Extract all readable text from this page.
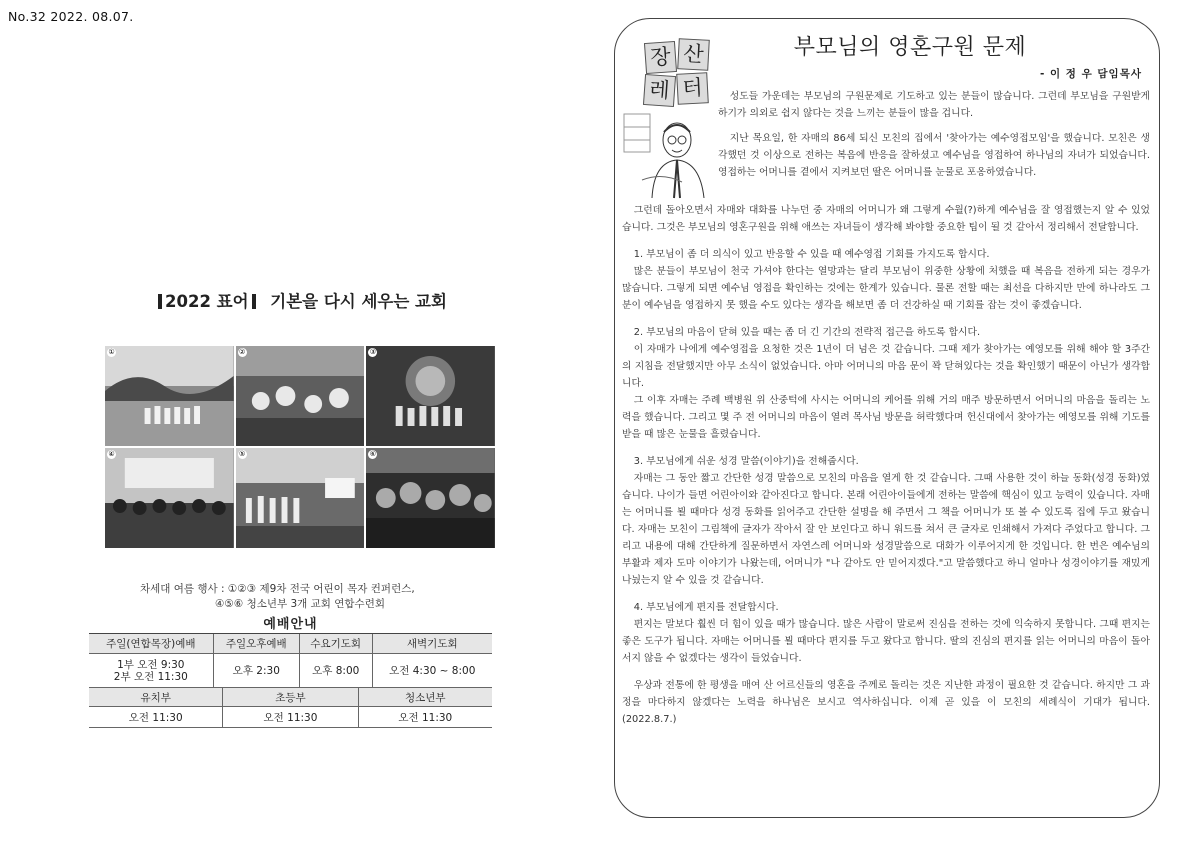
No.32 2022. 08.07.
2022 표어 기본을 다시 세우는 교회
①	②	③
④	⑤	⑥
차세대 여름 행사 : ①②③ 제9차 전국 어린이 목자 컨퍼런스,
④⑤⑥ 청소년부 3개 교회 연합수련회
예배안내
주일(연합목장)예배	주일오후예배	수요기도회	새벽기도회

1부 오전 9:30
2부 오전 11:30	오후 2:30	오후 8:00	오전 4:30 ~ 8:00
유치부	초등부	청소년부
오전 11:30	오전 11:30	오전 11:30
장 산
레 터
부모님의 영혼구원 문제
- 이 정 우 담임목사

성도들 가운데는 부모님의 구원문제로 기도하고 있는 분들이 많습니다. 그런데 부모님을 구원받게 하기가 의외로 쉽지 않다는 것을 느끼는 분들이 많을 겁니다.

지난 목요일, 한 자매의 86세 되신 모친의 집에서 '찾아가는 예수영접모임'을 했습니다. 모친은 생각했던 것 이상으로 전하는 복음에 반응을 잘하셨고 예수님을 영접하여 하나님의 자녀가 되었습니다. 영접하는 어머니를 곁에서 지켜보던 딸은 어머니를 눈물로 포옹하였습니다.

그런데 돌아오면서 자매와 대화를 나누던 중 자매의 어머니가 왜 그렇게 수월(?)하게 예수님을 잘 영접했는지 알 수 있었습니다. 그것은 부모님의 영혼구원을 위해 애쓰는 자녀들이 생각해 봐야할 중요한 팁이 될 것 같아서 정리해서 전달합니다.

1. 부모님이 좀 더 의식이 있고 반응할 수 있을 때 예수영접 기회를 가지도록 합시다.

많은 분들이 부모님이 천국 가셔야 한다는 열망과는 달리 부모님이 위중한 상황에 처했을 때 복음을 전하게 되는 경우가 많습니다. 그렇게 되면 예수님 영접을 확인하는 것에는 한계가 있습니다. 물론 전할 때는 최선을 다하지만 만에 하나라도 그분이 예수님을 영접하지 못 했을 수도 있다는 생각을 해보면 좀 더 건강하실 때 기회를 잡는 것이 좋겠습니다.

2. 부모님의 마음이 닫혀 있을 때는 좀 더 긴 기간의 전략적 접근을 하도록 합시다.

이 자매가 나에게 예수영접을 요청한 것은 1년이 더 넘은 것 같습니다. 그때 제가 찾아가는 예영모를 위해 해야 할 3주간의 지침을 전달했지만 아무 소식이 없었습니다. 아마 어머니의 마음 문이 꽉 닫혀있다는 것을 확인했기 때문이 아닌가 생각합니다.

그 이후 자매는 주례 백병원 위 산중턱에 사시는 어머니의 케어를 위해 거의 매주 방문하면서 어머니의 마음을 돌리는 노력을 했습니다. 그리고 몇 주 전 어머니의 마음이 열려 목사님 방문을 허락했다며 헌신대에서 찾아가는 예영모를 위해 기도를 받을 때 많은 눈물을 흘렸습니다.

3. 부모님에게 쉬운 성경 말씀(이야기)을 전해줍시다.

자매는 그 동안 짧고 간단한 성경 말씀으로 모친의 마음을 열게 한 것 같습니다. 그때 사용한 것이 하늘 동화(성경 동화)였습니다. 나이가 들면 어린아이와 같아진다고 합니다. 본래 어린아이들에게 전하는 말씀에 핵심이 있고 능력이 있습니다. 자매는 어머니를 뵐 때마다 성경 동화를 읽어주고 간단한 설명을 해 주면서 그 책을 어머니가 또 볼 수 있도록 집에 두고 왔습니다. 자매는 모친이 그림책에 글자가 작아서 잘 안 보인다고 하니 워드를 쳐서 큰 글자로 인쇄해서 가져다 주었다고 합니다. 그리고 내용에 대해 간단하게 질문하면서 자연스레 어머니와 성경말씀으로 대화가 이루어지게 한 것입니다. 한 번은 예수님의 부활과 제자 도마 이야기가 나왔는데, 어머니가 "나 같아도 안 믿어지겠다."고 말씀했다고 하니 얼마나 성경이야기를 재밌게 나눴는지 알 수 있을 것 같습니다.

4. 부모님에게 편지를 전달합시다.

편지는 말보다 훨씬 더 힘이 있을 때가 많습니다. 많은 사람이 말로써 진심을 전하는 것에 익숙하지 못합니다. 그때 편지는 좋은 도구가 됩니다. 자매는 어머니를 뵐 때마다 편지를 두고 왔다고 합니다. 딸의 진심의 편지를 읽는 어머니의 마음이 돌아서지 않을 수 없겠다는 생각이 들었습니다.

우상과 전통에 한 평생을 매여 산 어르신들의 영혼을 주께로 돌리는 것은 지난한 과정이 필요한 것 같습니다. 하지만 그 과정을 마다하지 않겠다는 노력을 하나님은 보시고 역사하십니다. 이제 곧 있을 이 모친의 세례식이 기대가 됩니다.(2022.8.7.)
